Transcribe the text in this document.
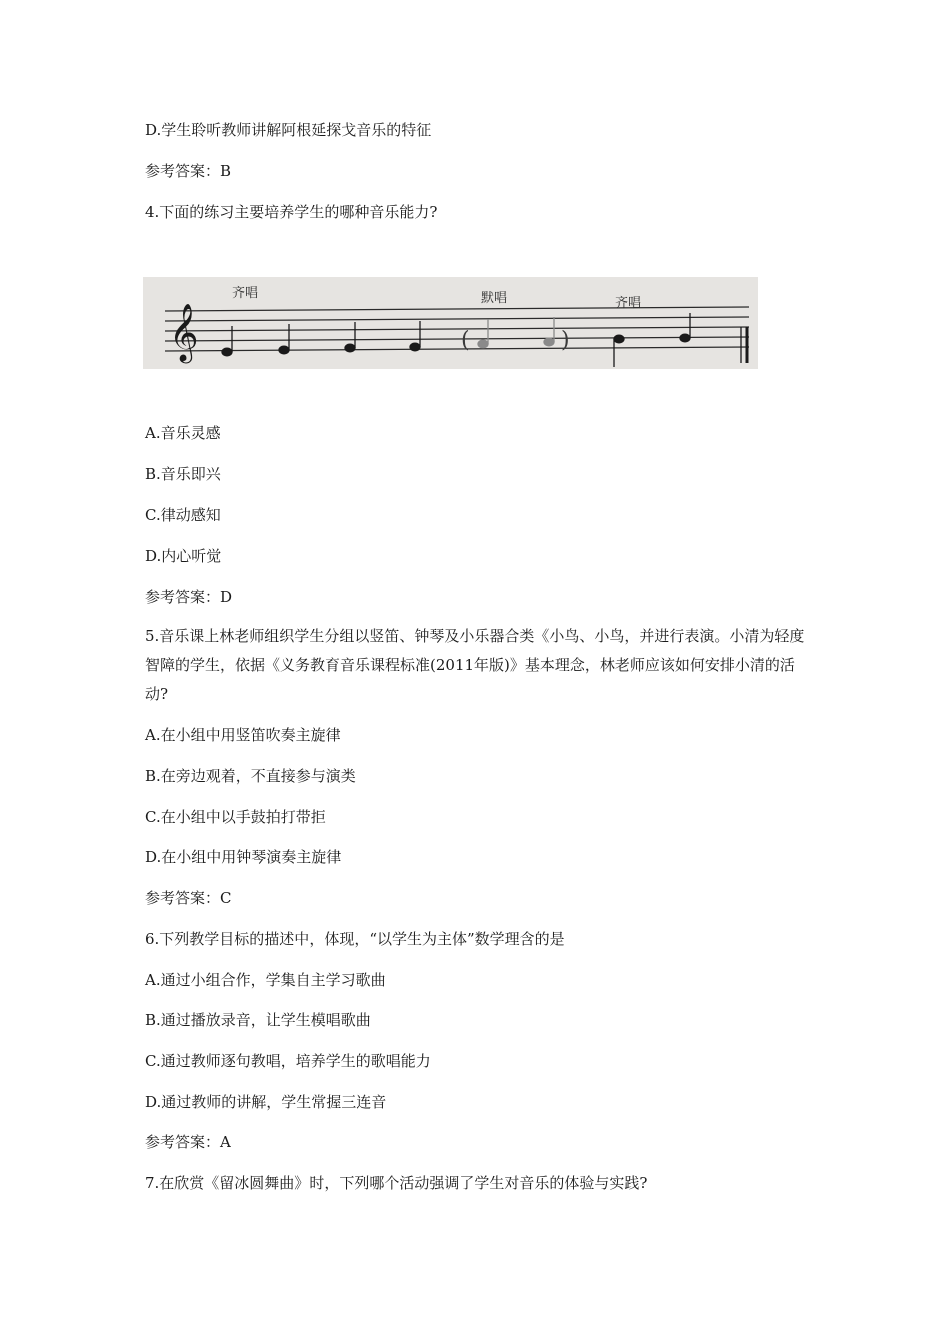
D.学生聆听教师讲解阿根延探戈音乐的特征
参考答案：B
4.下面的练习主要培养学生的哪种音乐能力?
𝄞	(	)
齐唱	默唱	齐唱
A.音乐灵感
B.音乐即兴
C.律动感知
D.内心听觉
参考答案：D
5.音乐课上林老师组织学生分组以竖笛、钟琴及小乐器合类《小鸟、小鸟，并进行表演。小清为轻度智障的学生，依据《义务教育音乐课程标准(2011年版)》基本理念，林老师应该如何安排小清的活动?
A.在小组中用竖笛吹奏主旋律
B.在旁边观着，不直接参与演类
C.在小组中以手鼓拍打带拒
D.在小组中用钟琴演奏主旋律
参考答案：C
6.下列教学目标的描述中，体现，“以学生为主体”数学理含的是
A.通过小组合作，学集自主学习歌曲
B.通过播放录音，让学生模唱歌曲
C.通过教师逐句教唱，培养学生的歌唱能力
D.通过教师的讲解，学生常握三连音
参考答案：A
7.在欣赏《留冰圆舞曲》时，下列哪个活动强调了学生对音乐的体验与实践?
